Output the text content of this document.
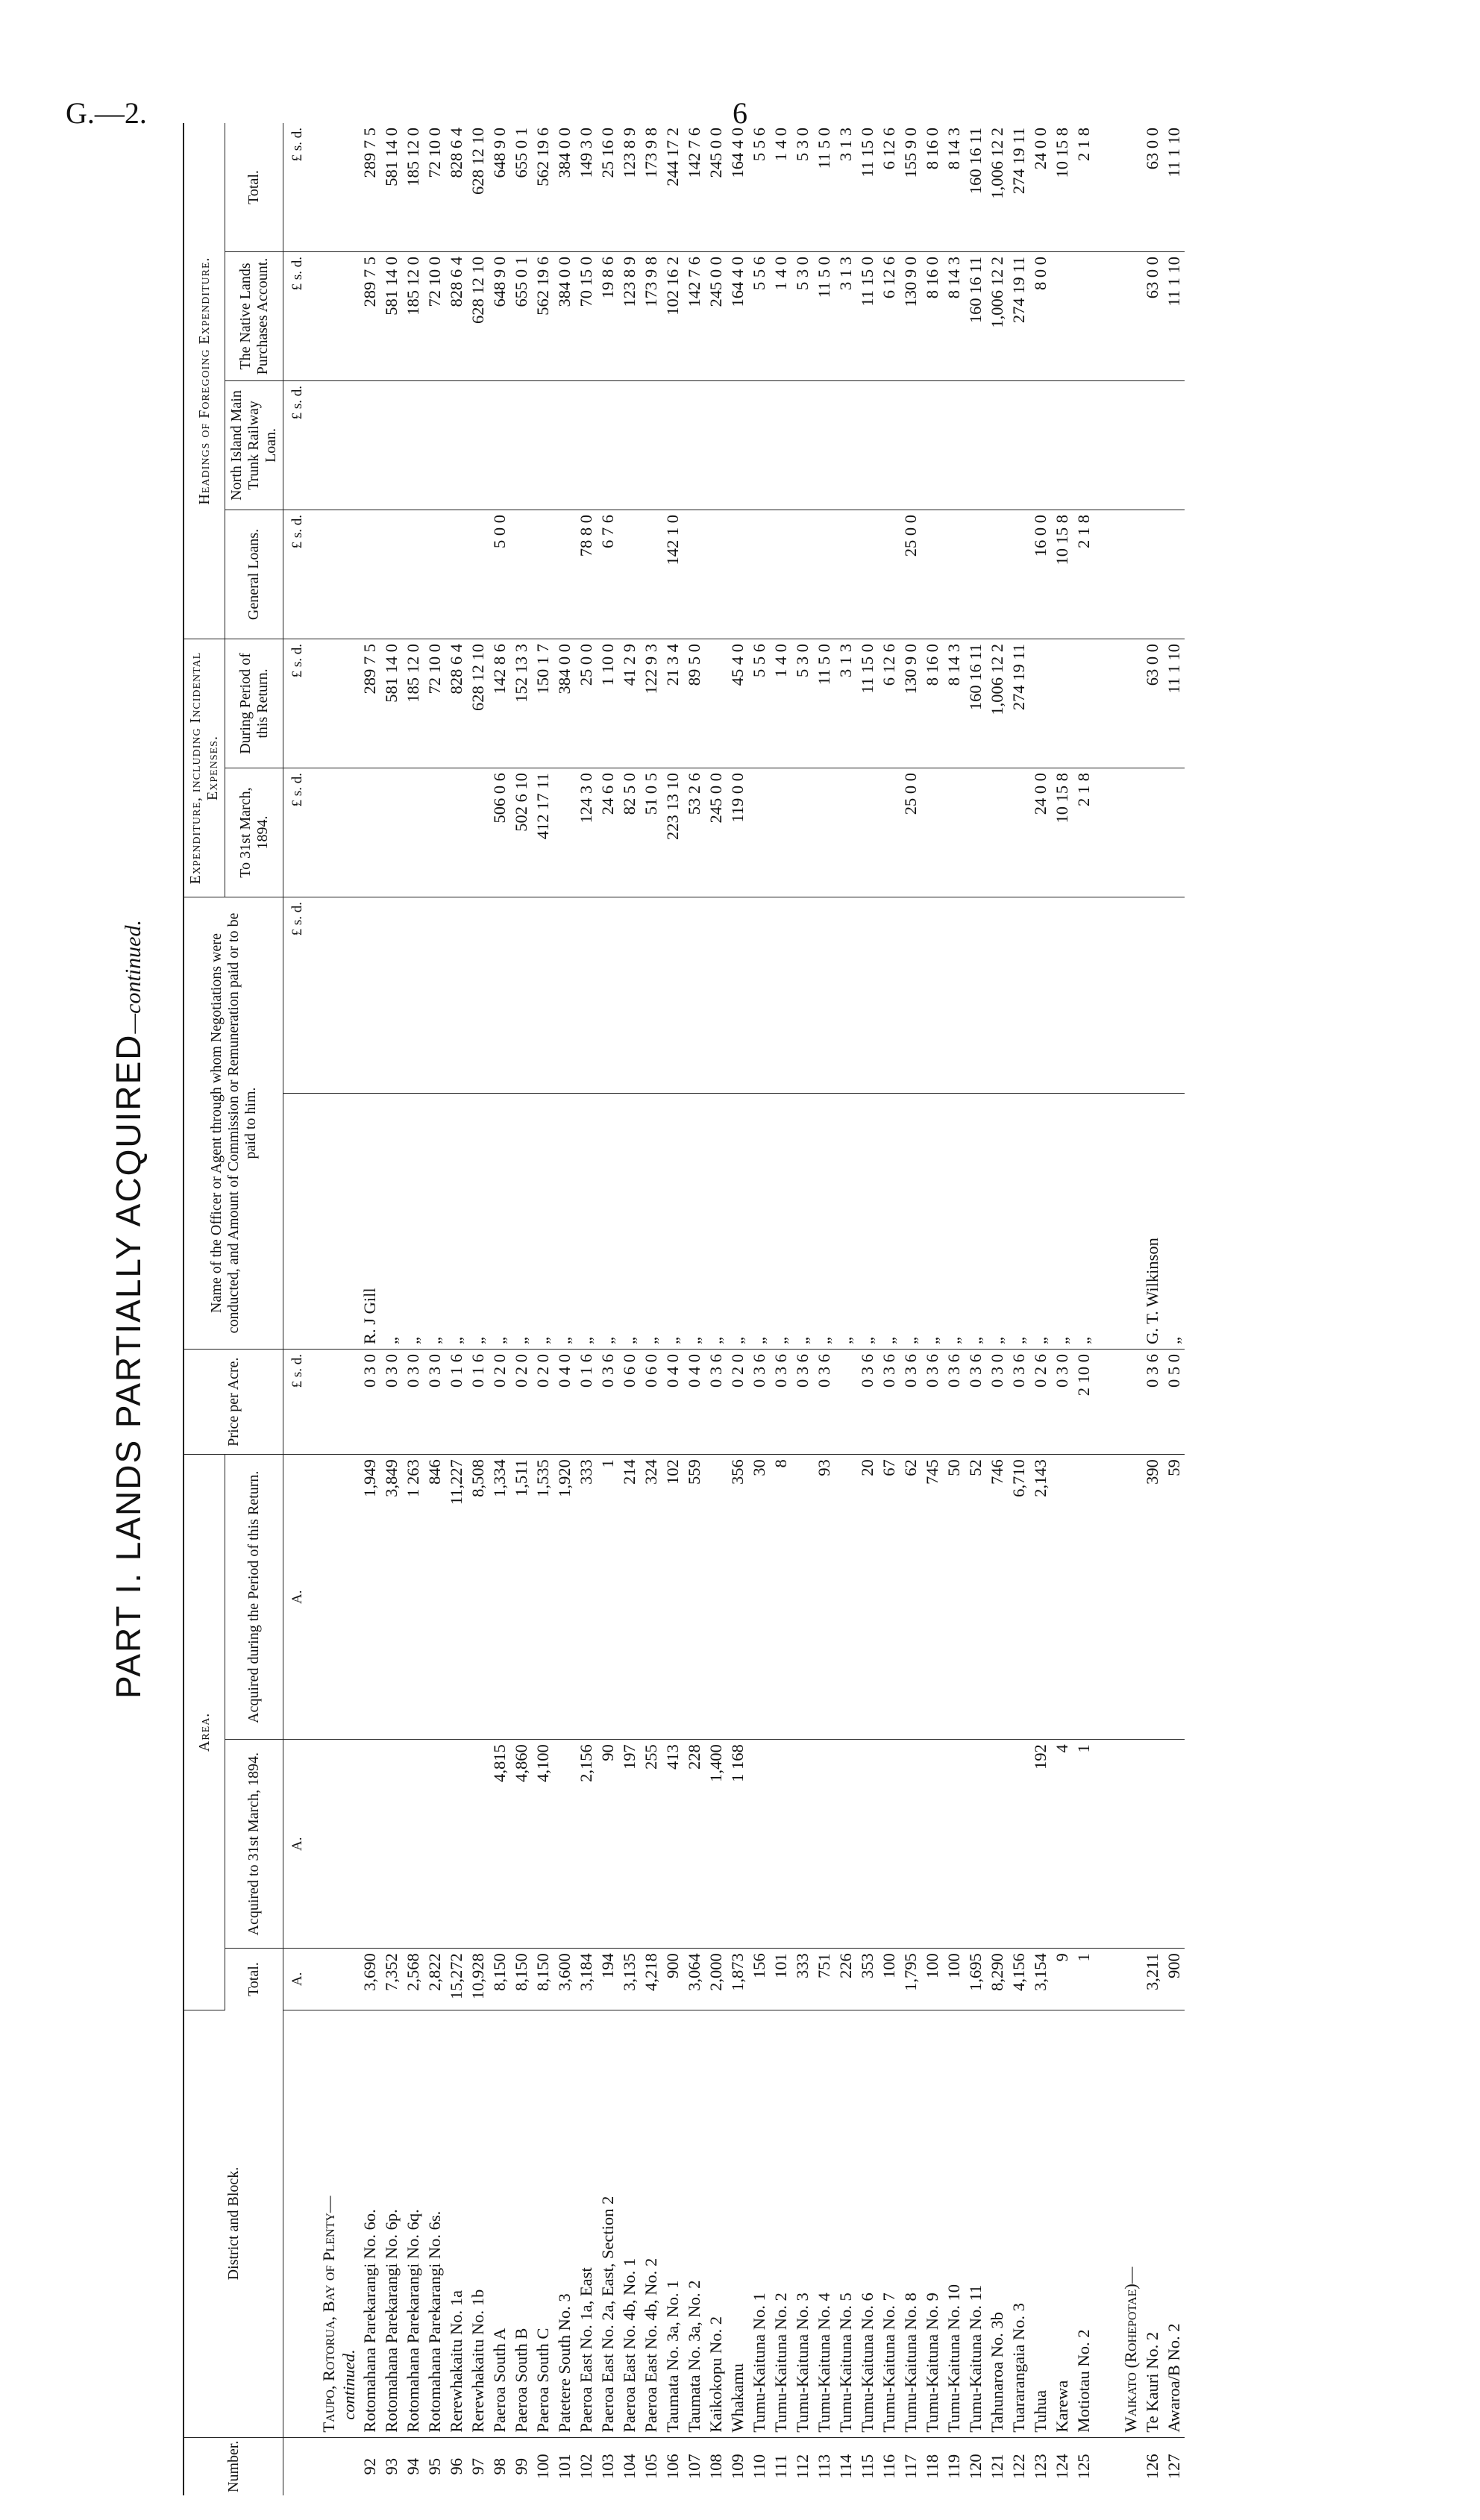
G.—2.	6
PART I. LANDS PARTIALLY ACQUIRED—continued.
Number.	District and Block.	Area.			Price per Acre.	Name of the Officer or Agent through whom Negotiations were conducted, and Amount of Commission or Remuneration paid or to be paid to him.		Expenditure, including Incidental Expenses.		Headings of Foregoing Expenditure.			
		Total.	Acquired to 31st March, 1894.	Acquired during the Period of this Return.				To 31st March, 1894.	During Period of this Return.	General Loans.	North Island Main Trunk Railway Loan.	The Native Lands Purchases Account.	Total.
		A.	A.	A.	£ s. d.		£ s. d.	£ s. d.	£ s. d.	£ s. d.	£ s. d.	£ s. d.	£ s. d.
	Taupo, Rotorua, Bay of Plenty—
continued.												
92	Rotomahana Parekarangi No. 6o.	3,690		1,949	0 3 0	R. J Gill			289 7 5			289 7 5	289 7 5
93	Rotomahana Parekarangi No. 6p.	7,352		3,849	0 3 0	„			581 14 0			581 14 0	581 14 0
94	Rotomahana Parekarangi No. 6q.	2,568		1 263	0 3 0	„			185 12 0			185 12 0	185 12 0
95	Rotomahana Parekarangi No. 6s.	2,822		846	0 3 0	„			72 10 0			72 10 0	72 10 0
96	Rerewhakaitu No. 1a	15,272		11,227	0 1 6	„			828 6 4			828 6 4	828 6 4
97	Rerewhakaitu No. 1b	10,928		8,508	0 1 6	„			628 12 10			628 12 10	628 12 10
98	Paeroa South A	8,150	4,815	1,334	0 2 0	„		506 0 6	142 8 6	5 0 0		648 9 0	648 9 0
99	Paeroa South B	8,150	4,860	1,511	0 2 0	„		502 6 10	152 13 3			655 0 1	655 0 1
100	Paeroa South C	8,150	4,100	1,535	0 2 0	„		412 17 11	150 1 7			562 19 6	562 19 6
101	Patetere South No. 3	3,600		1,920	0 4 0	„			384 0 0			384 0 0	384 0 0
102	Paeroa East No. 1a, East	3,184	2,156	333	0 1 6	„		124 3 0	25 0 0	78 8 0		70 15 0	149 3 0
103	Paeroa East No. 2a, East, Section 2	194	90	1	0 3 6	„		24 6 0	1 10 0	6 7 6		19 8 6	25 16 0
104	Paeroa East No. 4b, No. 1	3,135	197	214	0 6 0	„		82 5 0	41 2 9			123 8 9	123 8 9
105	Paeroa East No. 4b, No. 2	4,218	255	324	0 6 0	„		51 0 5	122 9 3			173 9 8	173 9 8
106	Taumata No. 3a, No. 1	900	413	102	0 4 0	„		223 13 10	21 3 4	142 1 0		102 16 2	244 17 2
107	Taumata No. 3a, No. 2	3,064	228	559	0 4 0	„		53 2 6	89 5 0			142 7 6	142 7 6
108	Kaikokopu No. 2	2,000	1,400		0 3 6	„		245 0 0				245 0 0	245 0 0
109	Whakamu	1,873	1 168	356	0 2 0	„		119 0 0	45 4 0			164 4 0	164 4 0
110	Tumu-Kaituna No. 1	156		30	0 3 6	„			5 5 6			5 5 6	5 5 6
111	Tumu-Kaituna No. 2	101		8	0 3 6	„			1 4 0			1 4 0	1 4 0
112	Tumu-Kaituna No. 3	333			0 3 6	„			5 3 0			5 3 0	5 3 0
113	Tumu-Kaituna No. 4	751		93	0 3 6	„			11 5 0			11 5 0	11 5 0
114	Tumu-Kaituna No. 5	226				„			3 1 3			3 1 3	3 1 3
115	Tumu-Kaituna No. 6	353		20	0 3 6	„			11 15 0			11 15 0	11 15 0
116	Tumu-Kaituna No. 7	100		67	0 3 6	„			6 12 6			6 12 6	6 12 6
117	Tumu-Kaituna No. 8	1,795		62	0 3 6	„		25 0 0	130 9 0	25 0 0		130 9 0	155 9 0
118	Tumu-Kaituna No. 9	100		745	0 3 6	„			8 16 0			8 16 0	8 16 0
119	Tumu-Kaituna No. 10	100		50	0 3 6	„			8 14 3			8 14 3	8 14 3
120	Tumu-Kaituna No. 11	1,695		52	0 3 6	„			160 16 11			160 16 11	160 16 11
121	Tahunaroa No. 3b	8,290		746	0 3 0	„			1,006 12 2			1,006 12 2	1,006 12 2
122	Tuararangaia No. 3	4,156		6,710	0 3 6	„			274 19 11			274 19 11	274 19 11
123	Tuhua	3,154	192	2,143	0 2 6	„		24 0 0		16 0 0		8 0 0	24 0 0
124	Karewa	9	4		0 3 0	„		10 15 8		10 15 8			10 15 8
125	Motiotau No. 2	1	1		2 10 0	„		2 1 8		2 1 8			2 1 8

	Waikato (Rohepotae)—												
126	Te Kauri No. 2	3,211		390	0 3 6	G. T. Wilkinson			63 0 0			63 0 0	63 0 0
127	Awaroa/B No. 2	900		59	0 5 0	„			11 1 10			11 1 10	11 1 10
